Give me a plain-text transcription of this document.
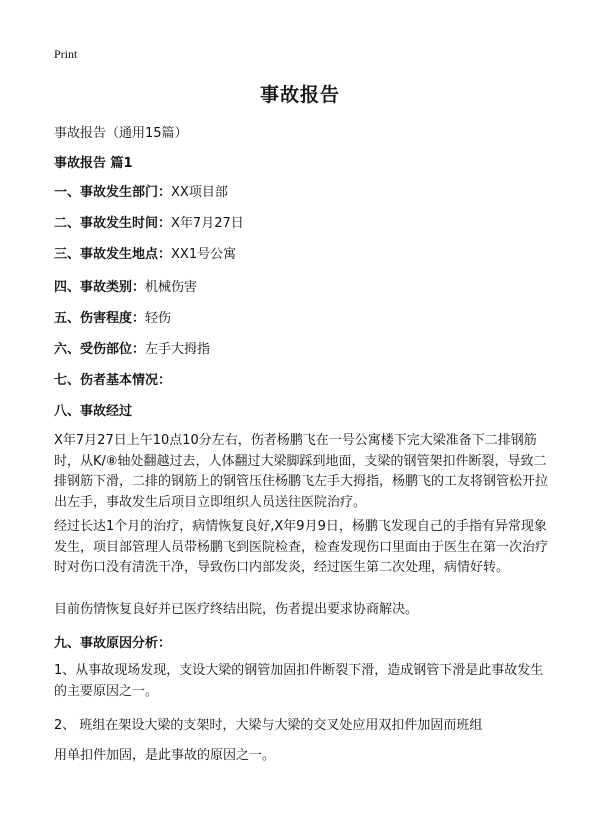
Print
事故报告
事故报告（通用15篇）
事故报告 篇1
一、事故发生部门：XX项目部
二、事故发生时间：X年7月27日
三、事故发生地点：XX1号公寓
四、事故类别：机械伤害
五、伤害程度：轻伤
六、受伤部位：左手大拇指
七、伤者基本情况：
八、事故经过
X年7月27日上午10点10分左右，伤者杨鹏飞在一号公寓楼下完大梁准备下二排钢筋时，从K/⑧轴处翻越过去，人体翻过大梁脚踩到地面，支梁的钢管架扣件断裂，导致二排钢筋下滑，二排的钢筋上的钢管压住杨鹏飞左手大拇指，杨鹏飞的工友将钢管松开拉出左手，事故发生后项目立即组织人员送往医院治疗。
经过长达1个月的治疗，病情恢复良好,X年9月9日，杨鹏飞发现自己的手指有异常现象发生，项目部管理人员带杨鹏飞到医院检查，检查发现伤口里面由于医生在第一次治疗时对伤口没有清洗干净，导致伤口内部发炎，经过医生第二次处理，病情好转。
目前伤情恢复良好并已医疗终结出院，伤者提出要求协商解决。
九、事故原因分析：
1、从事故现场发现，支设大梁的钢管加固扣件断裂下滑，造成钢管下滑是此事故发生的主要原因之一。
2、 班组在架设大梁的支架时，大梁与大梁的交叉处应用双扣件加固而班组
用单扣件加固，是此事故的原因之一。
